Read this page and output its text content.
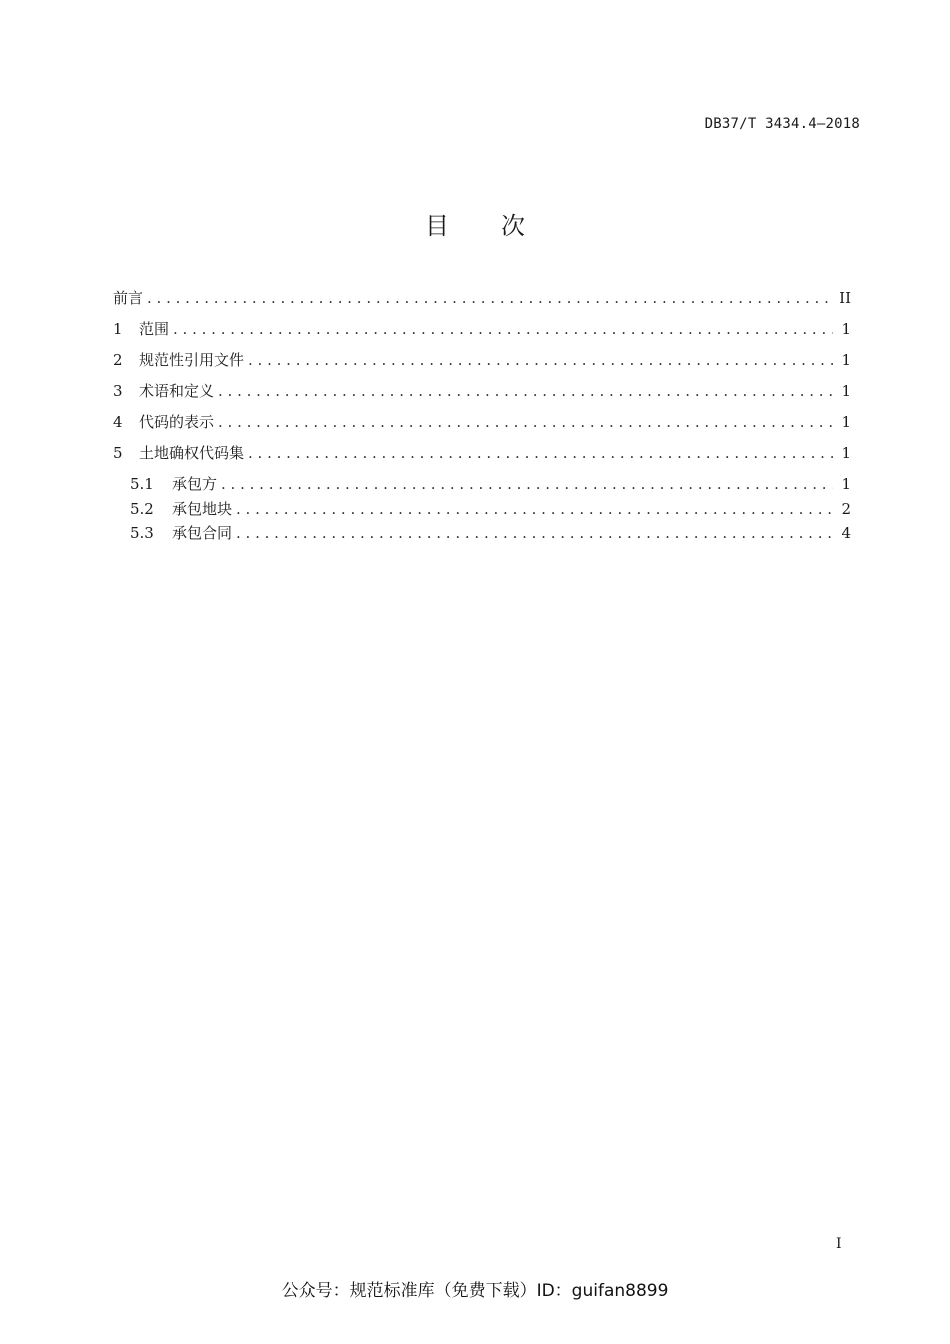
DB37/T 3434.4—2018
目 次
前言 . . .	II
1	范围 . . .	1
2	规范性引用文件 . . .	1
3	术语和定义 . . .	1
4	代码的表示 . . .	1
5	土地确权代码集 . . .	1
5.1	承包方 . . .	1
5.2	承包地块 . . .	2
5.3	承包合同 . . .	4
I
公众号：规范标准库（免费下载）ID：guifan8899
